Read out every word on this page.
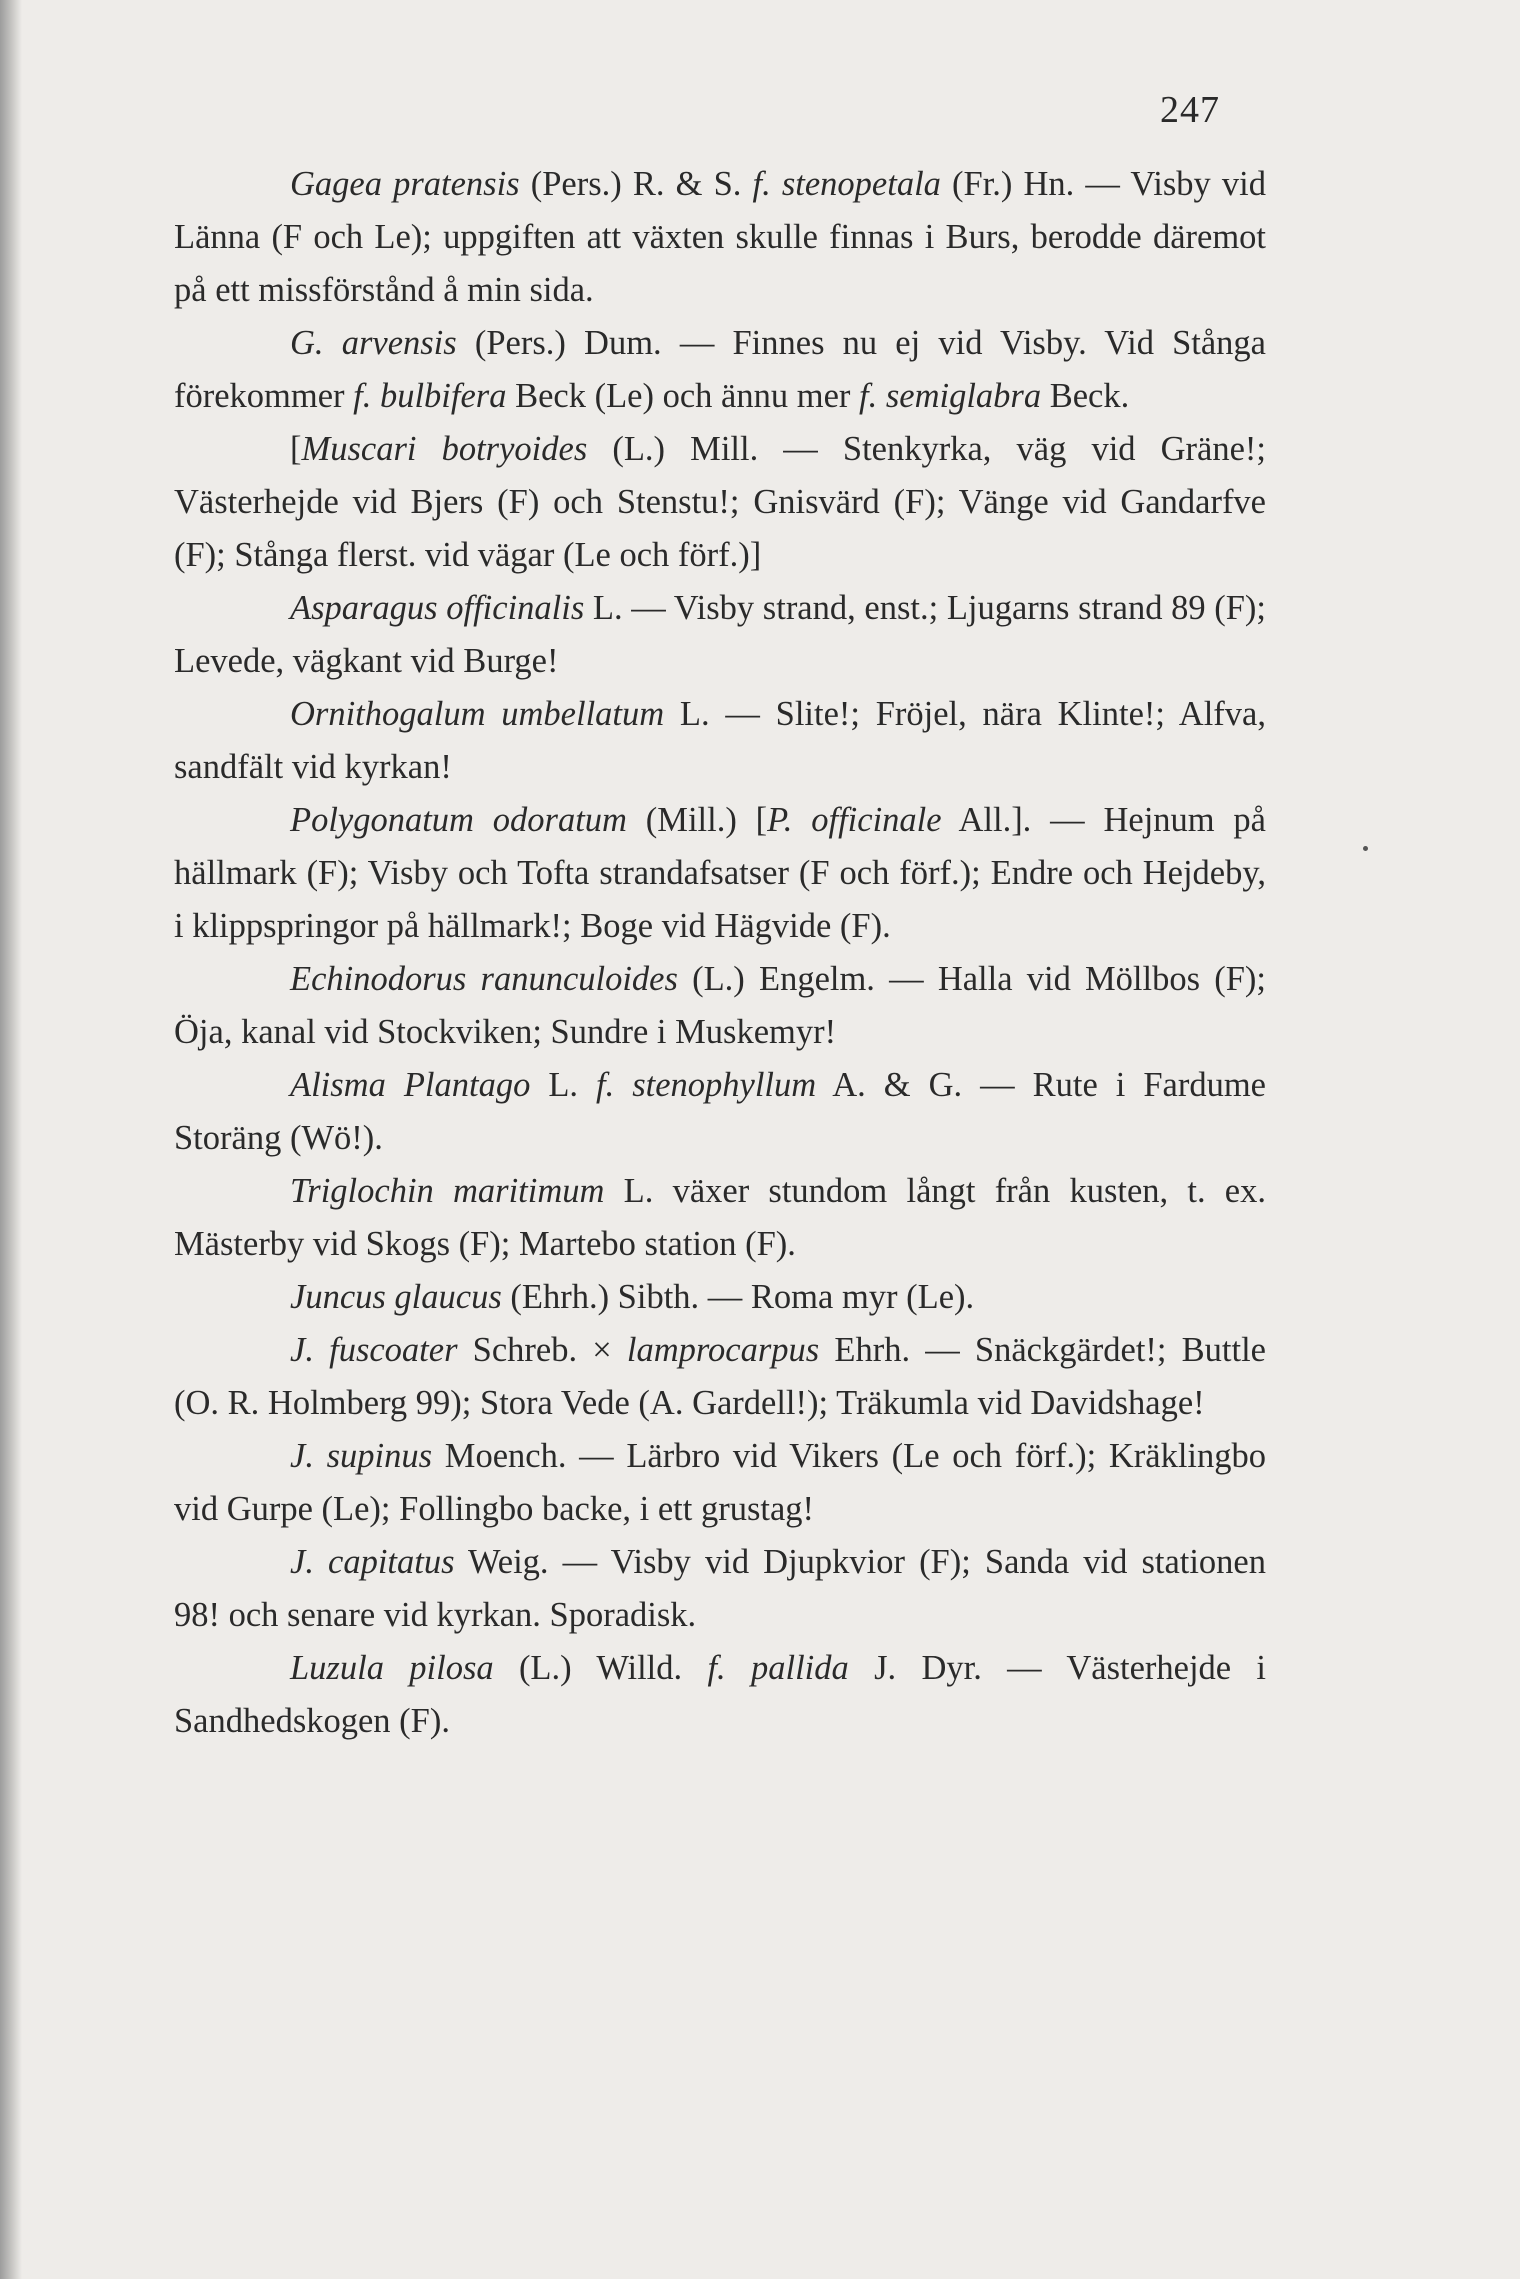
247

Gagea pratensis (Pers.) R. & S. f. stenopetala (Fr.) Hn. — Visby vid Länna (F och Le); uppgiften att växten skulle finnas i Burs, berodde däremot på ett missförstånd å min sida.

G. arvensis (Pers.) Dum. — Finnes nu ej vid Visby. Vid Stånga förekommer f. bulbifera Beck (Le) och ännu mer f. semiglabra Beck.

[Muscari botryoides (L.) Mill. — Stenkyrka, väg vid Gräne!; Västerhejde vid Bjers (F) och Stenstu!; Gnisvärd (F); Vänge vid Gandarfve (F); Stånga flerst. vid vägar (Le och förf.)]

Asparagus officinalis L. — Visby strand, enst.; Ljugarns strand 89 (F); Levede, vägkant vid Burge!

Ornithogalum umbellatum L. — Slite!; Fröjel, nära Klinte!; Alfva, sandfält vid kyrkan!

Polygonatum odoratum (Mill.) [P. officinale All.]. — Hejnum på hällmark (F); Visby och Tofta strandafsatser (F och förf.); Endre och Hejdeby, i klippspringor på hällmark!; Boge vid Hägvide (F).

Echinodorus ranunculoides (L.) Engelm. — Halla vid Möllbos (F); Öja, kanal vid Stockviken; Sundre i Muskemyr!

Alisma Plantago L. f. stenophyllum A. & G. — Rute i Fardume Storäng (Wö!).

Triglochin maritimum L. växer stundom långt från kusten, t. ex. Mästerby vid Skogs (F); Martebo station (F).

Juncus glaucus (Ehrh.) Sibth. — Roma myr (Le).

J. fuscoater Schreb. × lamprocarpus Ehrh. — Snäckgärdet!; Buttle (O. R. Holmberg 99); Stora Vede (A. Gardell!); Träkumla vid Davidshage!

J. supinus Moench. — Lärbro vid Vikers (Le och förf.); Kräklingbo vid Gurpe (Le); Follingbo backe, i ett grustag!

J. capitatus Weig. — Visby vid Djupkvior (F); Sanda vid stationen 98! och senare vid kyrkan. Sporadisk.

Luzula pilosa (L.) Willd. f. pallida J. Dyr. — Västerhejde i Sandhedskogen (F).
